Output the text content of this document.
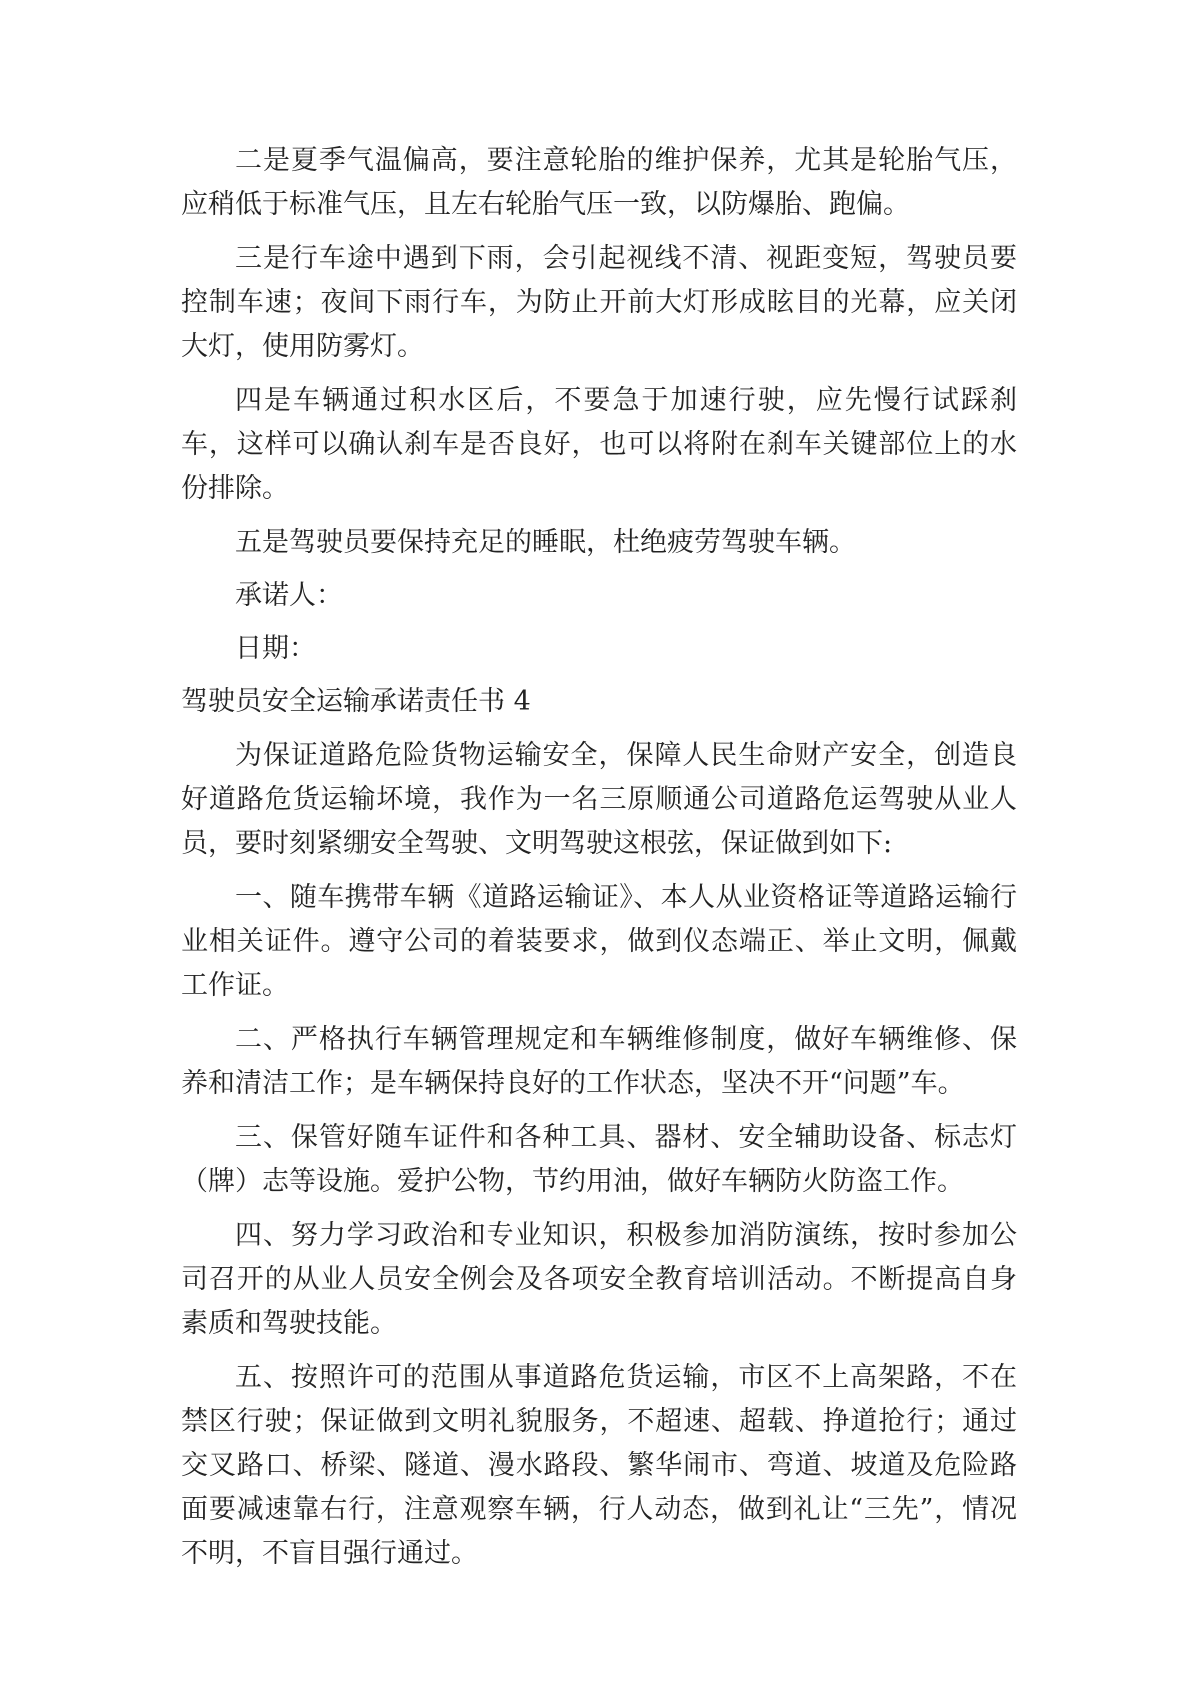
二是夏季气温偏高，要注意轮胎的维护保养，尤其是轮胎气压，应稍低于标准气压，且左右轮胎气压一致，以防爆胎、跑偏。

三是行车途中遇到下雨，会引起视线不清、视距变短，驾驶员要控制车速；夜间下雨行车，为防止开前大灯形成眩目的光幕，应关闭大灯，使用防雾灯。

四是车辆通过积水区后，不要急于加速行驶，应先慢行试踩刹车，这样可以确认刹车是否良好，也可以将附在刹车关键部位上的水份排除。

五是驾驶员要保持充足的睡眠，杜绝疲劳驾驶车辆。

承诺人：

日期：

驾驶员安全运输承诺责任书 4

为保证道路危险货物运输安全，保障人民生命财产安全，创造良好道路危货运输坏境，我作为一名三原顺通公司道路危运驾驶从业人员，要时刻紧绷安全驾驶、文明驾驶这根弦，保证做到如下:

一、随车携带车辆《道路运输证》、本人从业资格证等道路运输行业相关证件。遵守公司的着装要求，做到仪态端正、举止文明，佩戴工作证。

二、严格执行车辆管理规定和车辆维修制度，做好车辆维修、保养和清洁工作；是车辆保持良好的工作状态，坚决不开“问题”车。

三、保管好随车证件和各种工具、器材、安全辅助设备、标志灯（牌）志等设施。爱护公物，节约用油，做好车辆防火防盗工作。

四、努力学习政治和专业知识，积极参加消防演练，按时参加公司召开的从业人员安全例会及各项安全教育培训活动。不断提高自身素质和驾驶技能。

五、按照许可的范围从事道路危货运输，市区不上高架路，不在禁区行驶；保证做到文明礼貌服务，不超速、超载、挣道抢行；通过交叉路口、桥梁、隧道、漫水路段、繁华闹市、弯道、坡道及危险路面要减速靠右行，注意观察车辆，行人动态，做到礼让“三先”，情况不明，不盲目强行通过。
